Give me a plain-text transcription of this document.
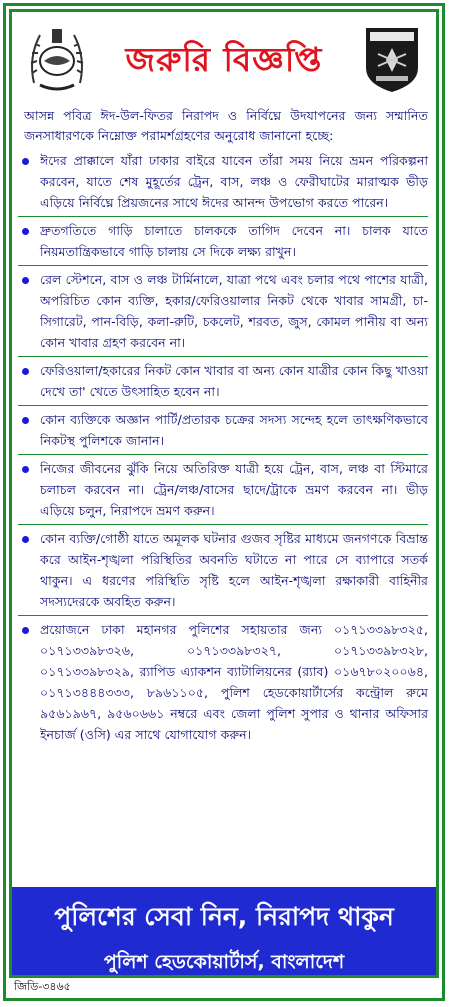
জরুরি বিজ্ঞপ্তি
আসন্ন পবিত্র ঈদ-উল-ফিতর নিরাপদ ও নির্বিঘ্নে উদযাপনের জন্য সম্মানিত জনসাধারণকে নিম্নোক্ত পরামর্শগ্রহণের অনুরোধ জানানো হচ্ছে:
ঈদের প্রাক্কালে যাঁরা ঢাকার বাইরে যাবেন তাঁরা সময় নিয়ে ভ্রমন পরিকল্পনা করবেন, যাতে শেষ মুহূর্তের ট্রেন, বাস, লঞ্চ ও ফেরীঘাটের মারাত্মক ভীড় এড়িয়ে নির্বিঘ্নে প্রিয়জনের সাথে ঈদের আনন্দ উপভোগ করতে পারেন।
দ্রুতগতিতে গাড়ি চালাতে চালককে তাগিদ দেবেন না। চালক যাতে নিয়মতান্ত্রিকভাবে গাড়ি চালায় সে দিকে লক্ষ্য রাখুন।
রেল স্টেশনে, বাস ও লঞ্চ টার্মিনালে, যাত্রা পথে এবং চলার পথে পাশের যাত্রী, অপরিচিত কোন ব্যক্তি, হকার/ফেরিওয়ালার নিকট থেকে খাবার সামগ্রী, চা-সিগারেট, পান-বিড়ি, কলা-রুটি, চকলেট, শরবত, জুস, কোমল পানীয় বা অন্য কোন খাবার গ্রহণ করবেন না।
ফেরিওয়ালা/হকারের নিকট কোন খাবার বা অন্য কোন যাত্রীর কোন কিছু খাওয়া দেখে তা' খেতে উৎসাহিত হবেন না।
কোন ব্যক্তিকে অজ্ঞান পার্টি/প্রতারক চক্রের সদস্য সন্দেহ হলে তাৎক্ষণিকভাবে নিকটস্থ পুলিশকে জানান।
নিজের জীবনের ঝুঁকি নিয়ে অতিরিক্ত যাত্রী হয়ে ট্রেন, বাস, লঞ্চ বা স্টিমারে চলাচল করবেন না। ট্রেন/লঞ্চ/বাসের ছাদে/ট্রাকে ভ্রমণ করবেন না। ভীড় এড়িয়ে চলুন, নিরাপদে ভ্রমণ করুন।
কোন ব্যক্তি/গোষ্ঠী যাতে অমূলক ঘটনার গুজব সৃষ্টির মাধ্যমে জনগণকে বিভ্রান্ত করে আইন-শৃঙ্খলা পরিস্থিতির অবনতি ঘটাতে না পারে সে ব্যাপারে সতর্ক থাকুন। এ ধরণের পরিস্থিতি সৃষ্টি হলে আইন-শৃঙ্খলা রক্ষাকারী বাহিনীর সদস্যদেরকে অবহিত করুন।
প্রয়োজনে ঢাকা মহানগর পুলিশের সহায়তার জন্য ০১৭১৩৩৯৮৩২৫, ০১৭১৩৩৯৮৩২৬, ০১৭১৩৩৯৮৩২৭, ০১৭১৩৩৯৮৩২৮, ০১৭১৩৩৯৮৩২৯, র‍্যাপিড এ্যাকশন ব্যাটালিয়নের (র‍্যাব) ০১৬৭৮০২০০৬৪, ০১৭১৩৪৪৪৩৩৩, ৮৯৬১১০৫, পুলিশ হেডকোয়ার্টার্সের কন্ট্রোল রুমে ৯৫৬১৯৬৭, ৯৫৬০৬৬১ নম্বরে এবং জেলা পুলিশ সুপার ও থানার অফিসার ইনচার্জ (ওসি) এর সাথে যোগাযোগ করুন।
পুলিশের সেবা নিন, নিরাপদ থাকুন
পুলিশ হেডকোয়ার্টার্স, বাংলাদেশ
জিডি-৩৪৬৫
